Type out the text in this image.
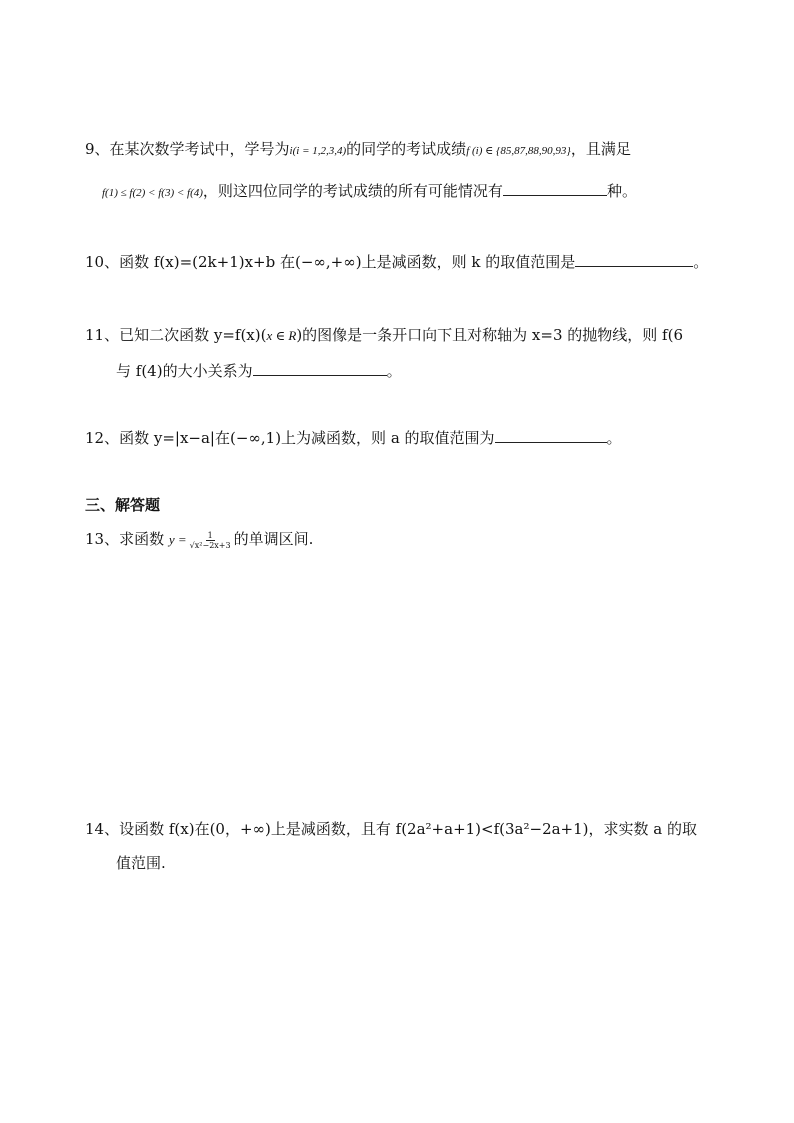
9、在某次数学考试中，学号为i(i = 1,2,3,4)的同学的考试成绩f (i) ∈ {85,87,88,90,93}，且满足
f(1) ≤ f(2) < f(3) < f(4)，则这四位同学的考试成绩的所有可能情况有	种。
10、函数 f(x)=(2k+1)x+b 在(−∞,+∞)上是减函数，则 k 的取值范围是	。
11、已知二次函数 y=f(x)(x ∈ R)的图像是一条开口向下且对称轴为 x=3 的抛物线，则 f(6
与 f(4)的大小关系为	。
12、函数 y=|x−a|在(−∞,1)上为减函数，则 a 的取值范围为	。
三、解答题
13、求函数 $y = \frac{1}{\text{√x²−2x+3}}$ 的单调区间.
14、设函数 f(x)在(0，+∞)上是减函数，且有 f(2a²+a+1)<f(3a²−2a+1)，求实数 a 的取
值范围.
